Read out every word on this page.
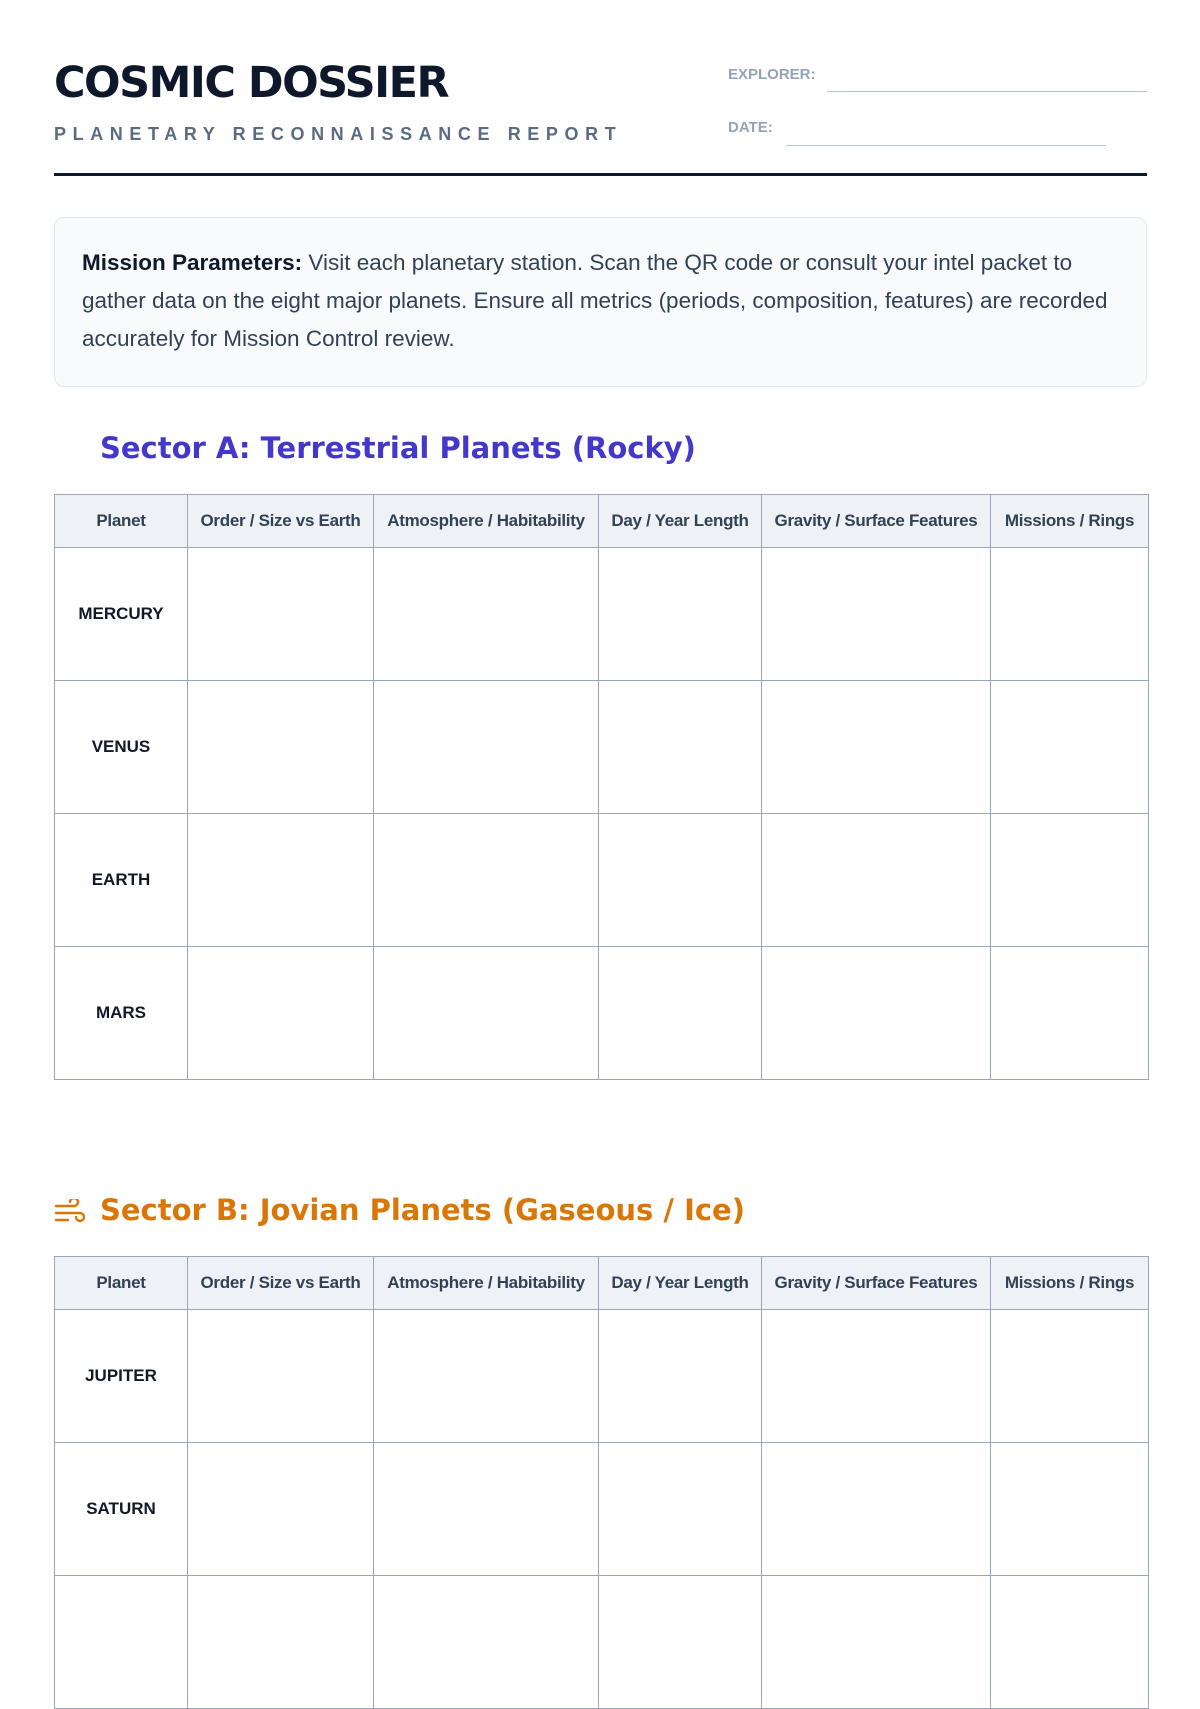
COSMIC DOSSIER
PLANETARY RECONNAISSANCE REPORT
EXPLORER:
DATE:
Mission Parameters: Visit each planetary station. Scan the QR code or consult your intel packet to gather data on the eight major planets. Ensure all metrics (periods, composition, features) are recorded accurately for Mission Control review.
Sector A: Terrestrial Planets (Rocky)
Planet	Order / Size vs Earth	Atmosphere / Habitability	Day / Year Length	Gravity / Surface Features	Missions / Rings
MERCURY					
VENUS					
EARTH					
MARS					
Sector B: Jovian Planets (Gaseous / Ice)
Planet	Order / Size vs Earth	Atmosphere / Habitability	Day / Year Length	Gravity / Surface Features	Missions / Rings
JUPITER					
SATURN					
